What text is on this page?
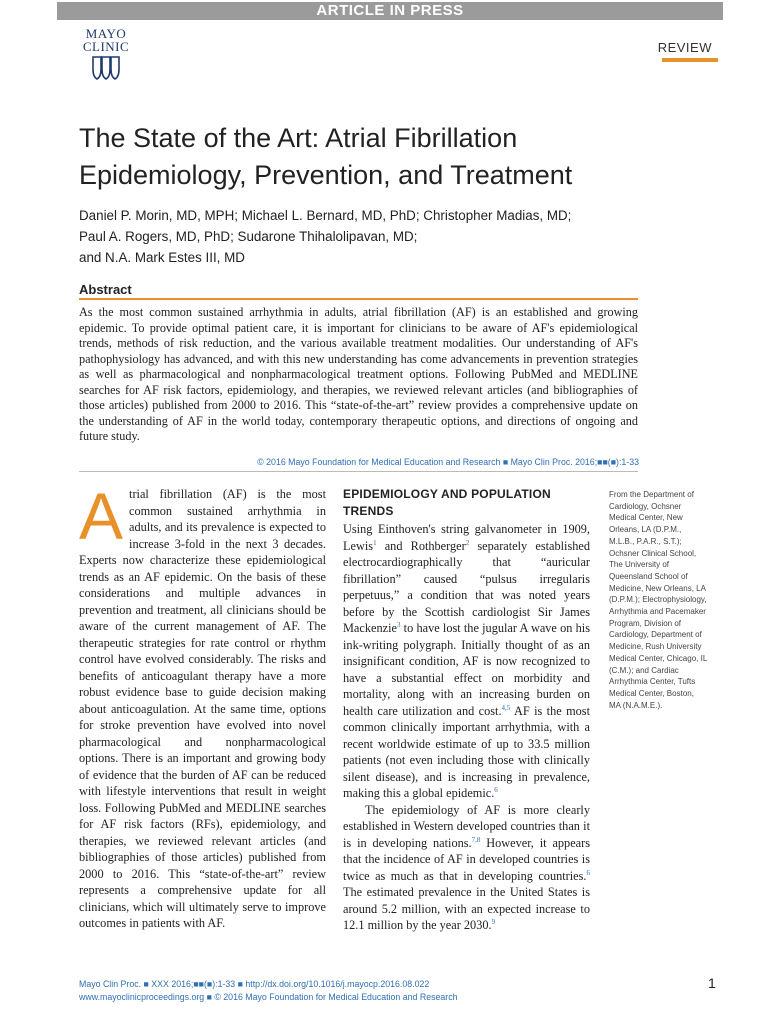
ARTICLE IN PRESS
MAYO
CLINIC	REVIEW
The State of the Art: Atrial Fibrillation
Epidemiology, Prevention, and Treatment
Daniel P. Morin, MD, MPH; Michael L. Bernard, MD, PhD; Christopher Madias, MD;
Paul A. Rogers, MD, PhD; Sudarone Thihalolipavan, MD;
and N.A. Mark Estes III, MD
Abstract
As the most common sustained arrhythmia in adults, atrial fibrillation (AF) is an established and growing epidemic. To provide optimal patient care, it is important for clinicians to be aware of AF's epidemiological trends, methods of risk reduction, and the various available treatment modalities. Our understanding of AF's pathophysiology has advanced, and with this new understanding has come advancements in prevention strategies as well as pharmacological and nonpharmacological treatment options. Following PubMed and MEDLINE searches for AF risk factors, epidemiology, and therapies, we reviewed relevant articles (and bibliographies of those articles) published from 2000 to 2016. This “state-of-the-art” review provides a comprehensive update on the understanding of AF in the world today, contemporary therapeutic options, and directions of ongoing and future study.
© 2016 Mayo Foundation for Medical Education and Research ■ Mayo Clin Proc. 2016;■■(■):1-33
Atrial fibrillation (AF) is the most common sustained arrhythmia in adults, and its prevalence is expected to increase 3-fold in the next 3 decades. Experts now characterize these epidemiological trends as an AF epidemic. On the basis of these considerations and multiple advances in prevention and treatment, all clinicians should be aware of the current management of AF. The therapeutic strategies for rate control or rhythm control have evolved considerably. The risks and benefits of anticoagulant therapy have a more robust evidence base to guide decision making about anticoagulation. At the same time, options for stroke prevention have evolved into novel pharmacological and nonpharmacological options. There is an important and growing body of evidence that the burden of AF can be reduced with lifestyle interventions that result in weight loss. Following PubMed and MEDLINE searches for AF risk factors (RFs), epidemiology, and therapies, we reviewed relevant articles (and bibliographies of those articles) published from 2000 to 2016. This “state-of-the-art” review represents a comprehensive update for all clinicians, which will ultimately serve to improve outcomes in patients with AF.
EPIDEMIOLOGY AND POPULATION TRENDS

Using Einthoven's string galvanometer in 1909, Lewis$^1$ and Rothberger$^2$ separately established electrocardiographically that “auricular fibrillation” caused “pulsus irregularis perpetuus,” a condition that was noted years before by the Scottish cardiologist Sir James Mackenzie$^3$ to have lost the jugular A wave on his ink-writing polygraph. Initially thought of as an insignificant condition, AF is now recognized to have a substantial effect on morbidity and mortality, along with an increasing burden on health care utilization and cost.$^{4,5}$ AF is the most common clinically important arrhythmia, with a recent worldwide estimate of up to 33.5 million patients (not even including those with clinically silent disease), and is increasing in prevalence, making this a global epidemic.$^6$

The epidemiology of AF is more clearly established in Western developed countries than it is in developing nations.$^{7,8}$ However, it appears that the incidence of AF in developed countries is twice as much as that in developing countries.$^6$ The estimated prevalence in the United States is around 5.2 million, with an expected increase to 12.1 million by the year 2030.$^9$

From the Department of Cardiology, Ochsner Medical Center, New Orleans, LA (D.P.M., M.L.B., P.A.R., S.T.); Ochsner Clinical School, The University of Queensland School of Medicine, New Orleans, LA (D.P.M.); Electrophysiology, Arrhythmia and Pacemaker Program, Division of Cardiology, Department of Medicine, Rush University Medical Center, Chicago, IL (C.M.); and Cardiac Arrhythmia Center, Tufts Medical Center, Boston, MA (N.A.M.E.).
Mayo Clin Proc. ■ XXX 2016;■■(■):1-33 ■ http://dx.doi.org/10.1016/j.mayocp.2016.08.022
www.mayoclinicproceedings.org ■ © 2016 Mayo Foundation for Medical Education and Research
1
